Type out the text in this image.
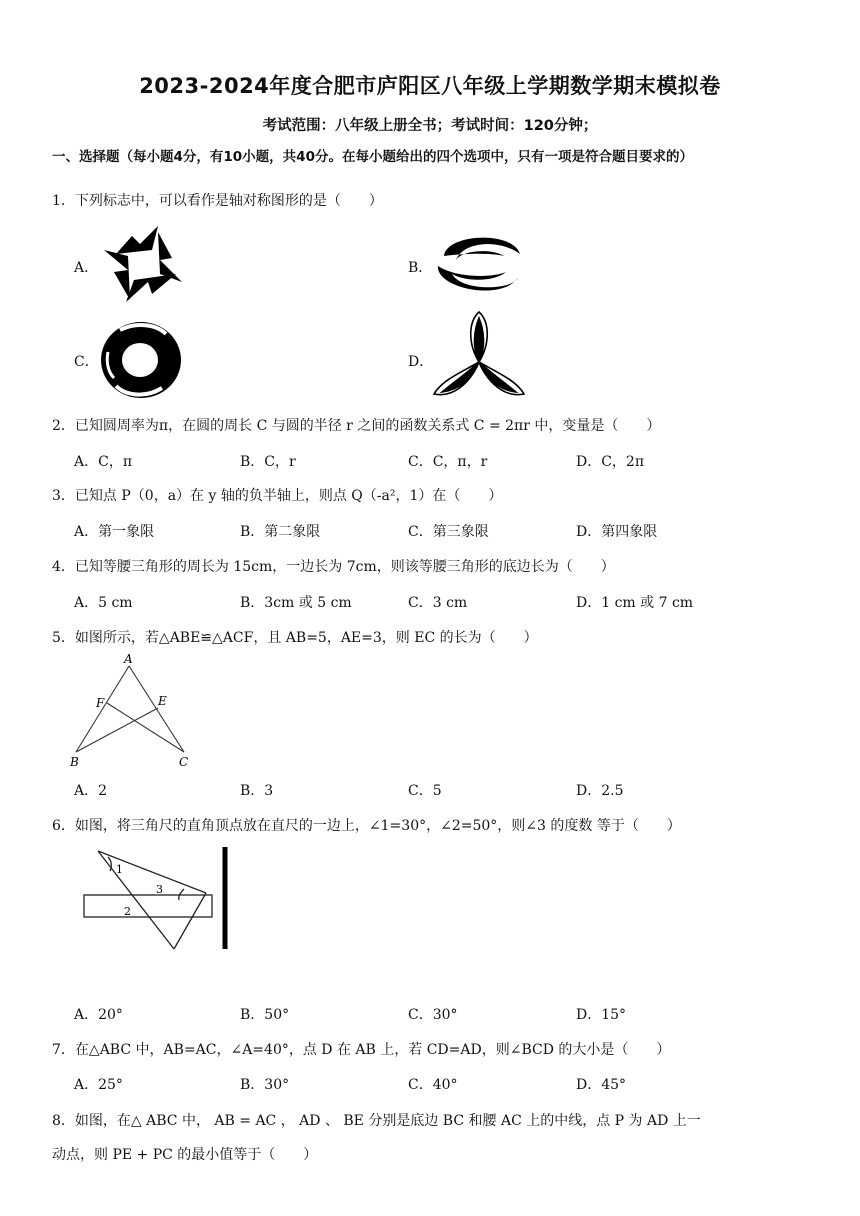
2023-2024年度合肥市庐阳区八年级上学期数学期末模拟卷
考试范围：八年级上册全书；考试时间：120分钟；
一、选择题（每小题4分，有10小题，共40分。在每小题给出的四个选项中，只有一项是符合题目要求的）
1．下列标志中，可以看作是轴对称图形的是（　　）
A．	B．
C．	D．
2．已知圆周率为π，在圆的周长 C 与圆的半径 r 之间的函数关系式 C = 2πr 中，变量是（　　）
A．C，π	B．C，r	C．C，π，r	D．C，2π
3．已知点 P（0，a）在 y 轴的负半轴上，则点 Q（-a²，1）在（　　）
A．第一象限	B．第二象限	C．第三象限	D．第四象限
4．已知等腰三角形的周长为 15cm，一边长为 7cm，则该等腰三角形的底边长为（　　）
A．5 cm	B．3cm 或 5 cm	C．3 cm	D．1 cm 或 7 cm
5．如图所示，若△ABE≌△ACF，且 AB=5，AE=3，则 EC 的长为（　　）
A
F	E
B	C
A．2	B．3	C．5	D．2.5
6．如图，将三角尺的直角顶点放在直尺的一边上，∠1=30°，∠2=50°，则∠3 的度数 等于（　　）
1
3
2
A．20°	B．50°	C．30°	D．15°
7．在△ABC 中，AB=AC，∠A=40°，点 D 在 AB 上，若 CD=AD，则∠BCD 的大小是（　　）
A．25°	B．30°	C．40°	D．45°
8．如图，在△ ABC 中， AB = AC ， AD 、 BE 分别是底边 BC 和腰 AC 上的中线，点 P 为 AD 上一
动点，则 PE + PC 的最小值等于（　　）
